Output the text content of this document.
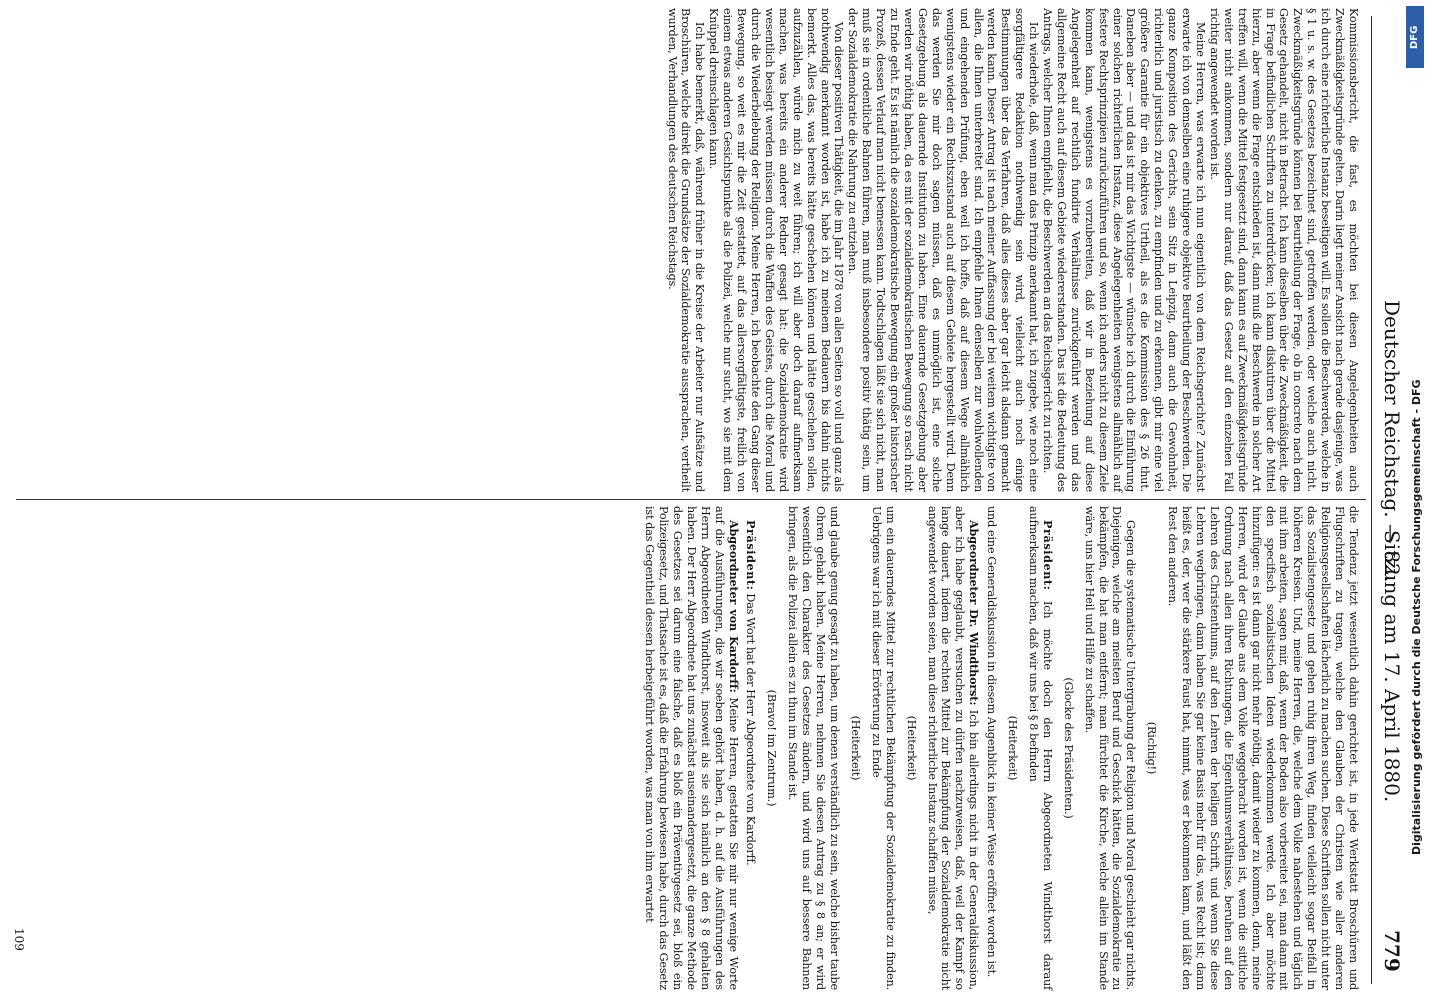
Deutscher Reichstag. — 82.
Sitzung am 17. April 1880.
779

Kommissionsbericht, die fast, es möchten bei diesen Angelegenheiten auch Zweckmäßigkeitsgründe gelten. Darin liegt meiner Ansicht nach gerade dasjenige, was ich durch eine richterliche Instanz beseitigen will. Es sollen die Beschwerden, welche in § 1 u. s. w. des Gesetzes bezeichnet sind, getroffen werden, oder welche auch nicht. Zweckmäßigkeitsgründe können bei Beurtheilung der Frage, ob in concreto nach dem Gesetz gehandelt, nicht in Betracht. Ich kann dieselben über die Zweckmäßigkeit, die in Frage befindlichen Schriften zu unterdrücken; ich kann diskutiren über die Mittel hierzu, aber wenn die Frage entschieden ist, dann muß die Beschwerde in solcher Art treffen will, wenn die Mittel festgesetzt sind, dann kann es auf Zweckmäßigkeitsgründe weiter nicht ankommen, sondern nur darauf, daß das Gesetz auf den einzelnen Fall richtig angewendet worden ist.

Meine Herren, was erwarte ich nun eigentlich von dem Reichsgerichte? Zunächst erwarte ich von demselben eine ruhigere objektive Beurtheilung der Beschwerden. Die ganze Komposition des Gerichts, sein Sitz in Leipzig, dann auch die Gewohnheit, richterlich und juristisch zu denken, zu empfinden und zu erkennen, gibt mir eine viel größere Garantie für ein objektives Urtheil, als es die Kommission des § 26 thut. Daneben aber — und das ist mir das Wichtigste — wünsche ich durch die Einführung einer solchen richterlichen Instanz, diese Angelegenheiten wenigstens allmählich auf festere Rechtsprinzipien zurückzuführen und so, wenn ich anders nicht zu diesem Ziele kommen kann, wenigstens es vorzubereiten, daß wir in Beziehung auf diese Angelegenheit auf rechtlich fundirte Verhältnisse zurückgeführt werden und das allgemeine Recht auch auf diesem Gebiete wiedererstanden. Das ist die Bedeutung des Antrags, welcher Ihnen empfiehlt, die Beschwerden an das Reichsgericht zu richten.

Ich wiederhole, daß, wenn man das Prinzip anerkannt hat, ich zugebe, wie noch eine sorgfältigere Redaktion nothwendig sein wird, vielleicht auch noch einige Bestimmungen über das Verfahren, daß alles dieses aber gar leicht alsdann gemacht werden kann. Dieser Antrag ist nach meiner Auffassung der bei weitem wichtigste von allen, die Ihnen unterbreitet sind. Ich empfehle Ihnen denselben zur wohlwollenden und eingehenden Prüfung, eben weil ich hoffe, daß auf diesem Wege allmählich wenigstens wieder ein Rechtszustand auch auf diesem Gebiete hergestellt wird. Denn das werden Sie mir doch sagen müssen, daß es unmöglich ist, eine solche Gesetzgebung als dauernde Institution zu haben. Eine dauernde Gesetzgebung aber werden wir nöthig haben, da es mit der sozialdemokratischen Bewegung so rasch nicht zu Ende geht. Es ist nämlich die sozialdemokratische Bewegung ein großer historischer Prozeß, dessen Verlauf man nicht bemessen kann. Todtschlagen läßt sie sich nicht, man muß sie in ordentliche Bahnen führen, man muß insbesondere positiv thätig sein, um der Sozialdemokratie die Nahrung zu entziehen.

Von dieser positiven Thätigkeit, die im Jahr 1878 von allen Seiten so voll und ganz als nothwendig anerkannt worden ist, habe ich zu meinem Bedauern bis dahin nichts bemerkt. Alles das, was bereits hätte geschehen können und hätte geschehen sollen, aufzuzählen, würde mich zu weit führen; ich will aber doch darauf aufmerksam machen, was bereits ein anderer Redner gesagt hat: die Sozialdemokratie wird wesentlich besiegt werden müssen durch die Waffen des Geistes, durch die Moral und durch die Wiederbelebung der Religion. Meine Herren, ich beobachte den Gang dieser Bewegung, so weit es mir die Zeit gestattet, auf das allersorgfältigste, freilich von einem etwas anderen Gesichtspunkte als die Polizei, welche nur sucht, wo sie mit dem Knüppel dreinschlagen kann.

Ich habe bemerkt, daß, während früher in die Kreise der Arbeiter nur Aufsätze und Broschüren, welche direkt die Grundsätze der Sozialdemokratie aussprachen, vertheilt wurden, Verhandlungen des deutschen Reichstags.

die Tendenz jetzt wesentlich dahin gerichtet ist, in jede Werkstatt Broschüren und Flugschriften zu tragen, welche den Glauben der Christen wie aller anderen Religionsgesellschaften lächerlich zu machen suchen. Diese Schriften sollen nicht unter das Sozialistengesetz und gehen ruhig ihren Weg, finden vielleicht sogar Beifall in höheren Kreisen. Und, meine Herren, die, welche dem Volke nahestehen und täglich mit ihm arbeiten, sagen mir, daß, wenn der Boden also vorbereitet sei, man dann mit den specifisch sozialistischen Ideen wiederkommen werde. Ich aber möchte hinzufügen: es ist dann gar nicht mehr nöthig, damit wieder zu kommen, denn, meine Herren, wird der Glaube aus dem Volke weggebracht worden ist, wenn die sittliche Ordnung nach allen ihren Richtungen, die Eigenthumsverhältnisse, beruhen auf den Lehren des Christenthums, auf den Lehren der heiligen Schrift, und wenn Sie diese Lehren wegbringen, dann haben Sie gar keine Basis mehr für das, was Recht ist; dann heißt es, der, wer die stärkere Faust hat, nimmt, was er bekommen kann, und läßt den Rest den anderen.

(Richtig!)

Gegen die systematische Untergrabung der Religion und Moral geschieht gar nichts. Diejenigen, welche am meisten Beruf und Geschick hätten, die Sozialdemokratie zu bekämpfen, die hat man entfernt; man fürchtet die Kirche, welche allein im Stande wäre, uns hier Heil und Hilfe zu schaffen.

(Glocke des Präsidenten.)

Präsident: Ich möchte doch den Herrn Abgeordneten Windthorst darauf aufmerksam machen, daß wir uns bei § 8 befinden

(Heiterkeit)

und eine Generaldiskussion in diesem Augenblick in keiner Weise eröffnet worden ist.

Abgeordneter Dr. Windthorst: Ich bin allerdings nicht in der Generaldiskussion, aber ich habe geglaubt, versuchen zu dürfen nachzuweisen, daß, weil der Kampf so lange dauert, indem die rechten Mittel zur Bekämpfung der Sozialdemokratie nicht angewendet worden seien, man diese richterliche Instanz schaffen müsse,

(Heiterkeit)

um ein dauerndes Mittel zur rechtlichen Bekämpfung der Sozialdemokratie zu finden. Uebrigens war ich mit dieser Erörterung zu Ende

(Heiterkeit)

und glaube genug gesagt zu haben, um denen verständlich zu sein, welche bisher taube Ohren gehabt haben. Meine Herren, nehmen Sie diesen Antrag zu § 8 an; er wird wesentlich den Charakter des Gesetzes ändern, und wird uns auf bessere Bahnen bringen, als die Polizei allein es zu thun im Stande ist.

(Bravo! im Zentrum.)

Präsident: Das Wort hat der Herr Abgeordnete von Kardorff.

Abgeordneter von Kardorff: Meine Herren, gestatten Sie mir nur wenige Worte auf die Ausführungen, die wir soeben gehört haben, d. h. auf die Ausführungen des Herrn Abgeordneten Windthorst, insoweit als sie sich nämlich an den § 8 gehalten haben. Der Herr Abgeordnete hat uns zunächst auseinandergesetzt, die ganze Methode des Gesetzes sei darum eine falsche, daß es bloß ein Präventivgesetz sei, bloß ein Polizeigesetz, und Thatsache ist es, daß die Erfahrung bewiesen habe, durch das Gesetz ist das Gegentheil dessen herbeigeführt worden, was man von ihm erwartet

109
Digitalisierung gefördert durch die Deutsche Forschungsgemeinschaft - DFG
DFG
